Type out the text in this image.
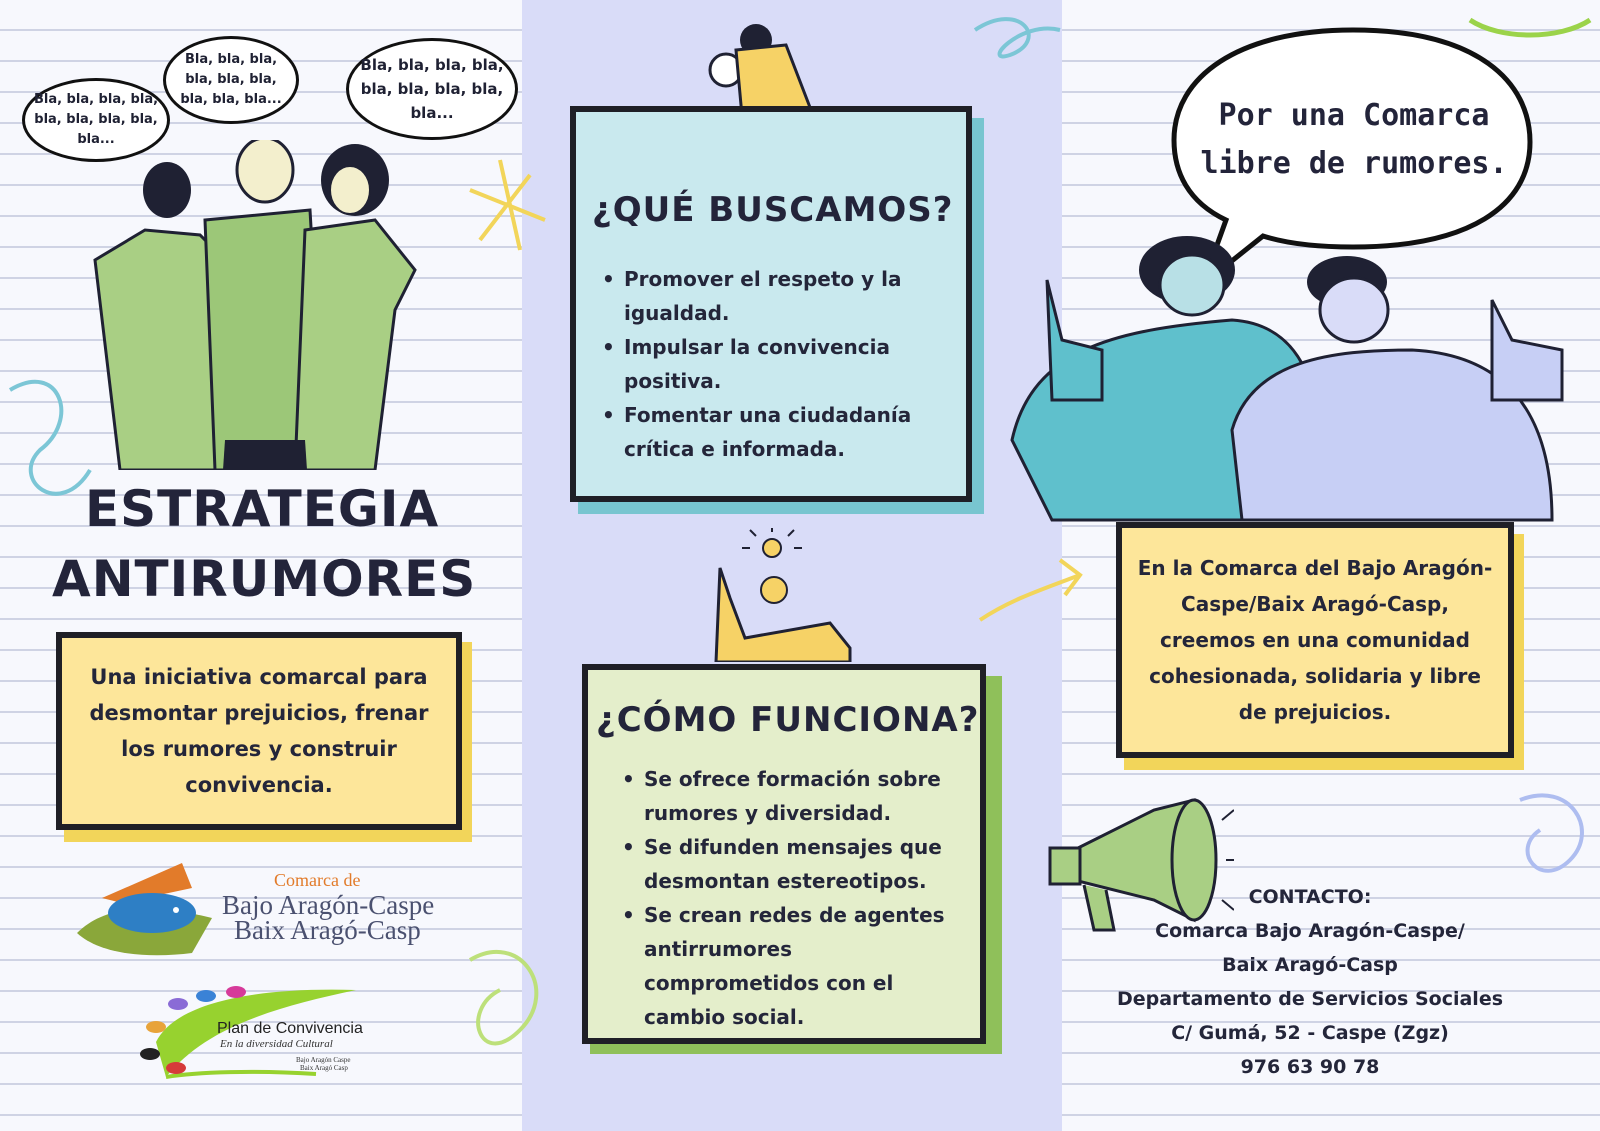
Bla, bla, bla, bla, bla, bla, bla, bla, bla...
Bla, bla, bla, bla, bla, bla, bla, bla, bla...
Bla, bla, bla, bla, bla, bla, bla, bla, bla...
ESTRATEGIA
ANTIRUMORES
Una iniciativa comarcal para desmontar prejuicios, frenar los rumores y construir convivencia.
Comarca de
Bajo Aragón-Caspe
Baix Aragó-Casp
Plan de Convivencia
En la diversidad Cultural
Bajo Aragón Caspe
Baix Aragó Casp
¿QUÉ BUSCAMOS?
• Promover el respeto y la igualdad.
• Impulsar la convivencia positiva.
• Fomentar una ciudadanía crítica e informada.
¿CÓMO FUNCIONA?
• Se ofrece formación sobre rumores y diversidad.
• Se difunden mensajes que desmontan estereotipos.
• Se crean redes de agentes antirrumores comprometidos con el cambio social.
Por una Comarca libre de rumores.
En la Comarca del Bajo Aragón-Caspe/Baix Aragó-Casp, creemos en una comunidad cohesionada, solidaria y libre de prejuicios.
CONTACTO:
Comarca Bajo Aragón-Caspe/
Baix Aragó-Casp
Departamento de Servicios Sociales
C/ Gumá, 52 - Caspe (Zgz)
976 63 90 78
